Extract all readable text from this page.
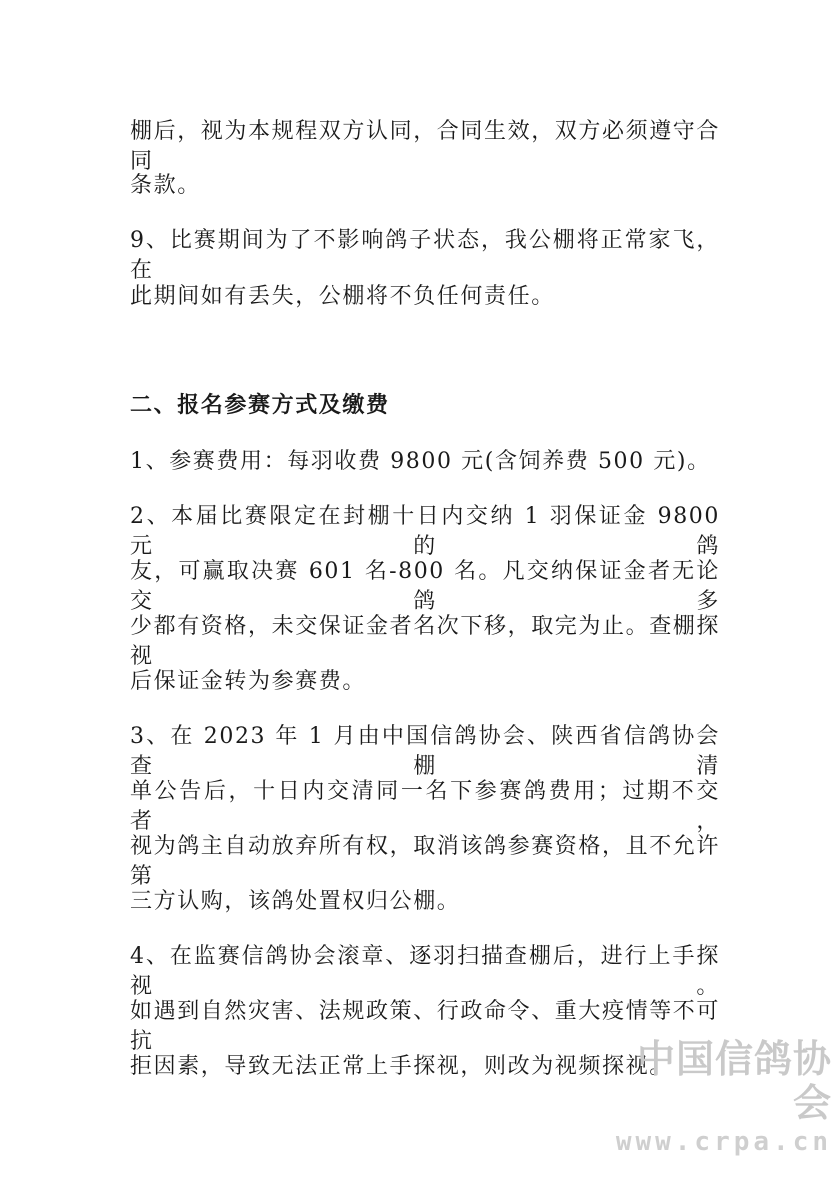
棚后，视为本规程双方认同，合同生效，双方必须遵守合同
条款。
9、比赛期间为了不影响鸽子状态，我公棚将正常家飞，在
此期间如有丢失，公棚将不负任何责任。
二、报名参赛方式及缴费
1、参赛费用：每羽收费 9800 元(含饲养费 500 元)。
2、本届比赛限定在封棚十日内交纳 1 羽保证金 9800 元的鸽
友，可赢取决赛 601 名-800 名。凡交纳保证金者无论交鸽多
少都有资格，未交保证金者名次下移，取完为止。查棚探视
后保证金转为参赛费。
3、在 2023 年 1 月由中国信鸽协会、陕西省信鸽协会查棚清
单公告后，十日内交清同一名下参赛鸽费用；过期不交者，
视为鸽主自动放弃所有权，取消该鸽参赛资格，且不允许第
三方认购，该鸽处置权归公棚。
4、在监赛信鸽协会滚章、逐羽扫描查棚后，进行上手探视。
如遇到自然灾害、法规政策、行政命令、重大疫情等不可抗
拒因素，导致无法正常上手探视，则改为视频探视。
中国信鸽协会
www.crpa.cn
